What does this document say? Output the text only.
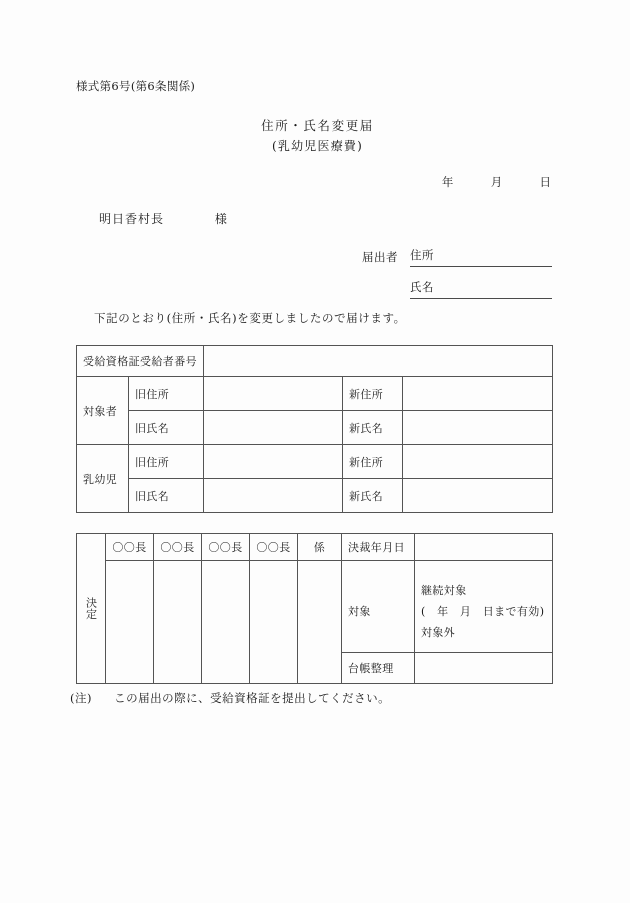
様式第6号(第6条関係)
住所・氏名変更届
(乳幼児医療費)
年	月	日
明日香村長	様
届出者 住所
氏名
下記のとおり(住所・氏名)を変更しましたので届けます。
受給資格証受給者番号				
対象者	旧住所		新住所	
	旧氏名		新氏名	
乳幼児	旧住所		新住所	
	旧氏名		新氏名	
決定	〇〇長	〇〇長	〇〇長	〇〇長	係	決裁年月日	
						対象	継続対象
(　年　月　日まで有効)
対象外

						台帳整理	
(注) この届出の際に、受給資格証を提出してください。
